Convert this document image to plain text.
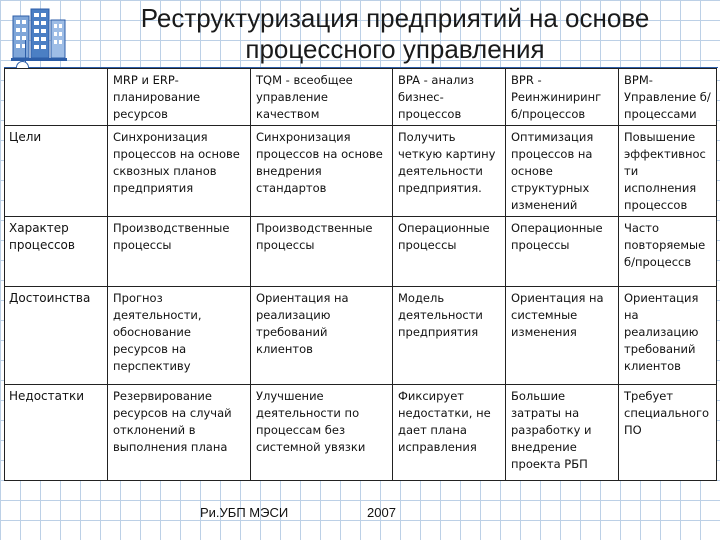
Реструктуризация предприятий на основе процессного управления
	MRP и ERP-планирование ресурсов	TQM - всеобщее управление качеством	BPA - анализ бизнес-процессов	BPR - Реинжиниринг б/процессов	BPM-Управление б/процессами
Цели	Синхронизация процессов на основе сквозных планов предприятия	Синхронизация процессов на основе внедрения стандартов	Получить четкую картину деятельности предприятия.	Оптимизация процессов на основе структурных изменений	Повышение эффективнос ти исполнения процессов
Характер процессов	Производственные процессы	Производственные процессы	Операционные процессы	Операционные процессы	Часто повторяемые б/процессв
Достоинства	Прогноз деятельности, обоснование ресурсов на перспективу	Ориентация на реализацию требований клиентов	Модель деятельности предприятия	Ориентация на системные изменения	Ориентация на реализацию требований клиентов
Недостатки	Резервирование ресурсов на случай отклонений в выполнения плана	Улучшение деятельности по процессам без системной увязки	Фиксирует недостатки, не дает плана исправления	Большие затраты на разработку и внедрение проекта РБП	Требует специального ПО
Ри.УБП МЭСИ	2007
